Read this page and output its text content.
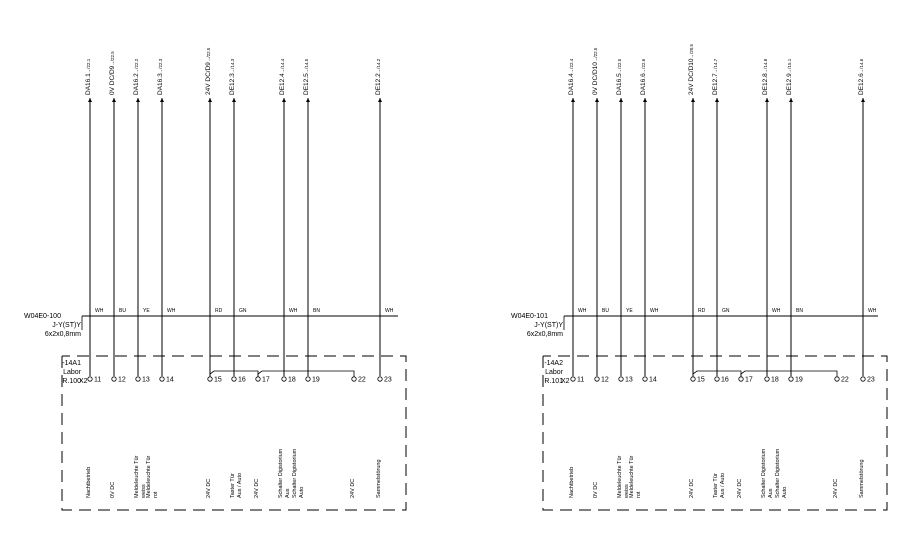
W04E0-100
J-Y(ST)Y
6x2x0,8mm
-14A1
Labor
R.100
X2
DA16.1→/22.1
WH
11
Nachtbetrieb
0V DC/D9→/22.5
BU
12
0V DC
DA16.2→/22.2
YE
13
Meldeleuchte Türweiss
DA16.3→/22.3
WH
14
Meldeleuchte Türrot
24V DC/D9→/22.5
RD
15
24V DC
DE12.3→/14.3
GN
16
Taster TürAus / Auto
17
24V DC
DE12.4→/14.4
WH
18
Schalter DigistoriumAus
DE12.5→/14.5
BN
19
Schalter DigistoriumAuto
22
24V DC
DE12.2→/14.2
WH
23
Sammelstörung
W04E0-101
J-Y(ST)Y
6x2x0,8mm
-14A2
Labor
R.101
X2
DA16.4→/22.4
WH
11
Nachtbetrieb
0V DC/D10→/22.5
BU
12
0V DC
DA16.5→/22.5
YE
13
Meldeleuchte Türweiss
DA16.6→/22.6
WH
14
Meldeleuchte Türrot
24V DC/D10→/20.5
RD
15
24V DC
DE12.7→/14.7
GN
16
Taster TürAus / Auto
17
24V DC
DE12.8→/14.8
WH
18
Schalter DigistoriumAus
DE12.9→/15.1
BN
19
Schalter DigistoriumAuto
22
24V DC
DE12.6→/14.6
WH
23
Sammelstörung
